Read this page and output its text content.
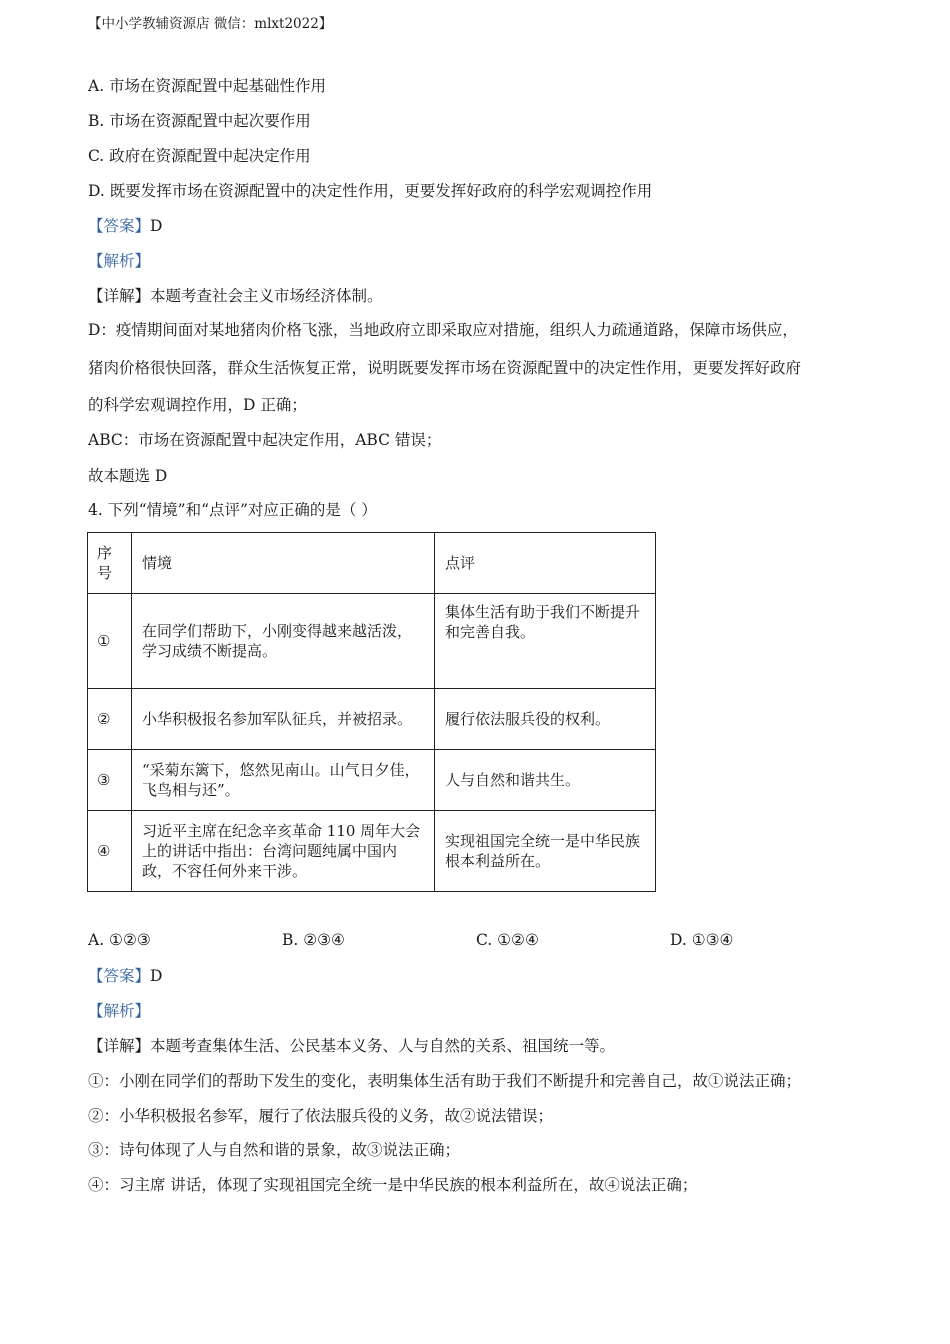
【中小学教辅资源店 微信：mlxt2022】
A. 市场在资源配置中起基础性作用
B. 市场在资源配置中起次要作用
C. 政府在资源配置中起决定作用
D. 既要发挥市场在资源配置中的决定性作用，更要发挥好政府的科学宏观调控作用
【答案】D
【解析】
【详解】本题考查社会主义市场经济体制。
D：疫情期间面对某地猪肉价格飞涨，当地政府立即采取应对措施，组织人力疏通道路，保障市场供应，
猪肉价格很快回落，群众生活恢复正常，说明既要发挥市场在资源配置中的决定性作用，更要发挥好政府
的科学宏观调控作用，D 正确；
ABC：市场在资源配置中起决定作用，ABC 错误；
故本题选 D
4. 下列“情境”和“点评”对应正确的是（ ）
序号	情境	点评
①	在同学们帮助下，小刚变得越来越活泼，学习成绩不断提高。	集体生活有助于我们不断提升和完善自我。
②	小华积极报名参加军队征兵，并被招录。	履行依法服兵役的权利。
③	“采菊东篱下，悠然见南山。山气日夕佳，飞鸟相与还”。	人与自然和谐共生。
④	习近平主席在纪念辛亥革命 110 周年大会上的讲话中指出：台湾问题纯属中国内政，不容任何外来干涉。	实现祖国完全统一是中华民族根本利益所在。
A. ①②③	B. ②③④	C. ①②④	D. ①③④
【答案】D
【解析】
【详解】本题考查集体生活、公民基本义务、人与自然的关系、祖国统一等。
①：小刚在同学们的帮助下发生的变化，表明集体生活有助于我们不断提升和完善自己，故①说法正确；
②：小华积极报名参军，履行了依法服兵役的义务，故②说法错误；
③：诗句体现了人与自然和谐的景象，故③说法正确；
④：习主席 讲话，体现了实现祖国完全统一是中华民族的根本利益所在，故④说法正确；
